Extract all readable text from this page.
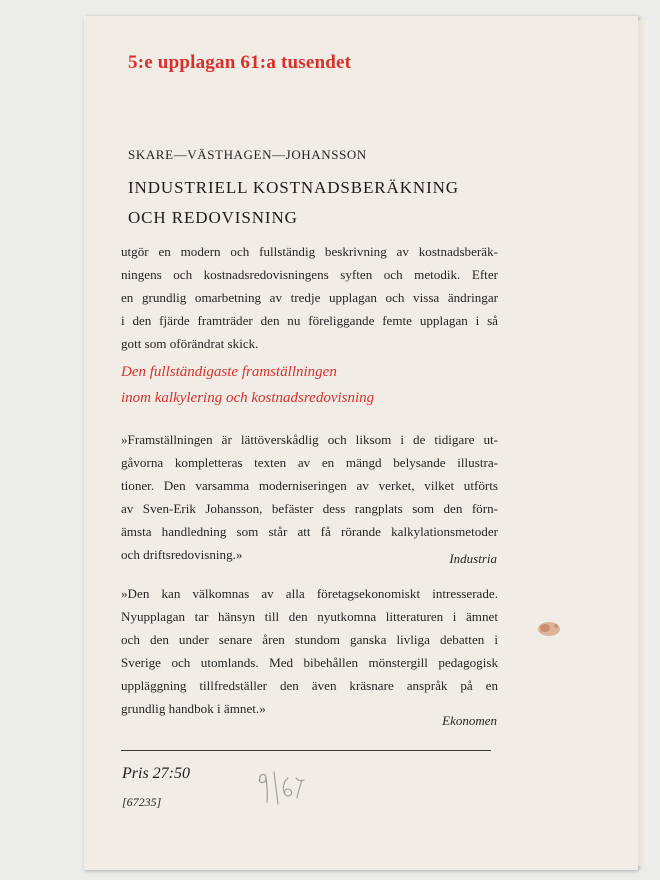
5:e upplagan 61:a tusendet

SKARE—VÄSTHAGEN—JOHANSSON

INDUSTRIELL KOSTNADSBERÄKNING
OCH REDOVISNING
utgör en modern och fullständig beskrivning av kostnadsberäk-
ningens och kostnadsredovisningens syften och metodik. Efter
en grundlig omarbetning av tredje upplagan och vissa ändringar
i den fjärde framträder den nu föreliggande femte upplagan i så
gott som oförändrat skick.
Den fullständigaste framställningen
inom kalkylering och kostnadsredovisning
»Framställningen är lättöverskådlig och liksom i de tidigare ut-
gåvorna kompletteras texten av en mängd belysande illustra-
tioner. Den varsamma moderniseringen av verket, vilket utförts
av Sven-Erik Johansson, befäster dess rangplats som den förn-
ämsta handledning som står att få rörande kalkylationsmetoder
och driftsredovisning.»	Industria

»Den kan välkomnas av alla företagsekonomiskt intresserade.
Nyupplagan tar hänsyn till den nyutkomna litteraturen i ämnet
och den under senare åren stundom ganska livliga debatten i
Sverige och utomlands. Med bibehållen mönstergill pedagogisk
uppläggning tillfredställer den även kräsnare anspråk på en
grundlig handbok i ämnet.»

Ekonomen

Pris 27:50

[67235]
